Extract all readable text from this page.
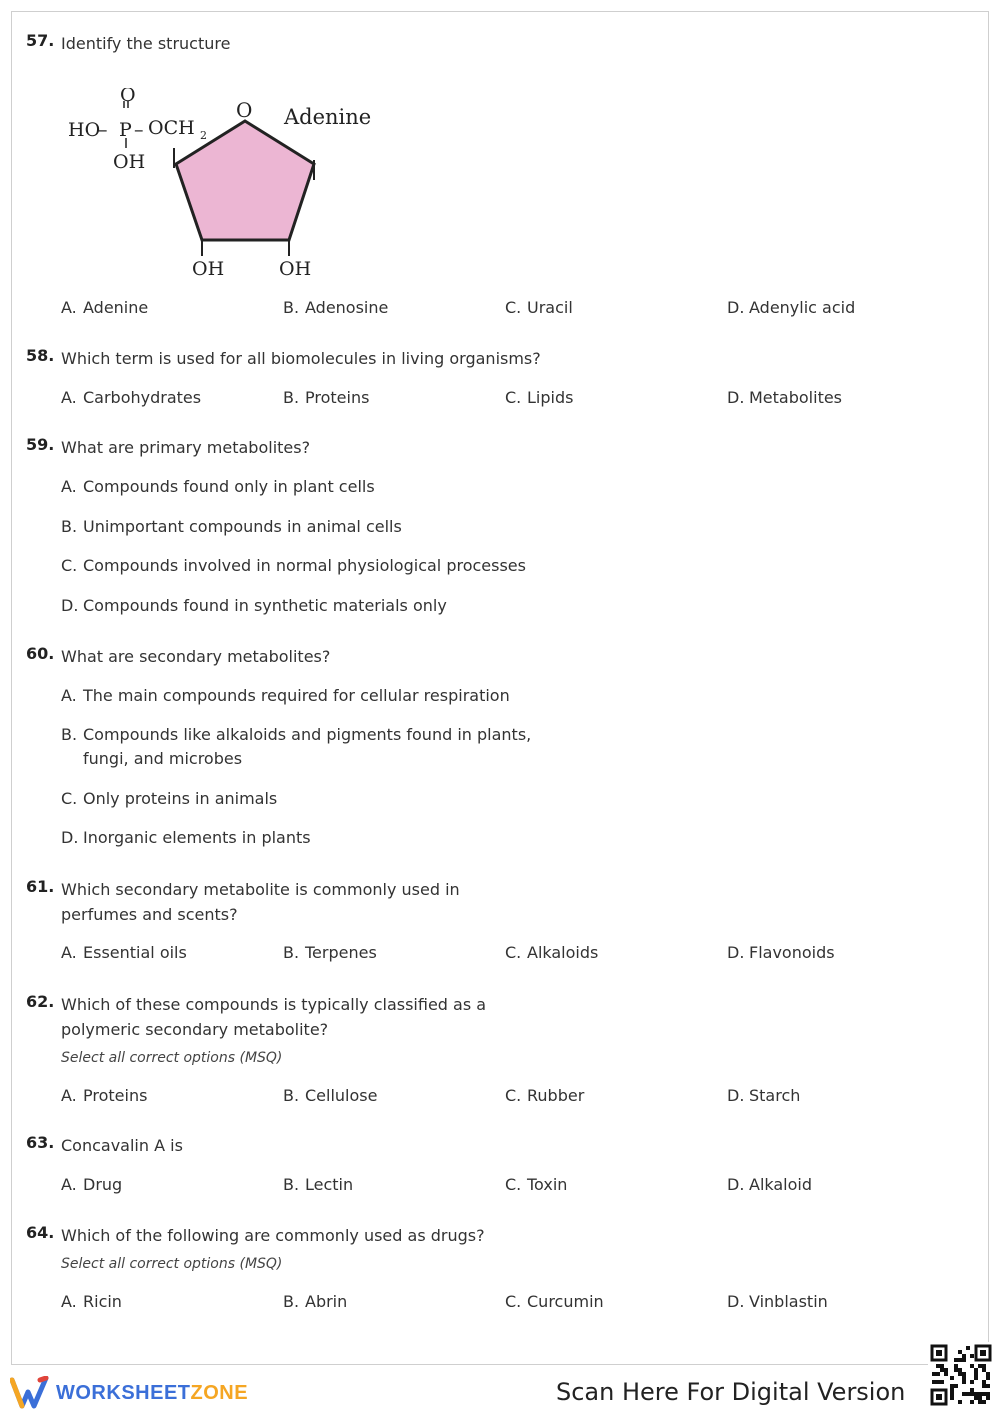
57. Identify the structure
O
HO
– P – OCH 2
OH
O Adenine
OH	OH
A. Adenine	B. Adenosine	C. Uracil	D. Adenylic acid
58. Which term is used for all biomolecules in living organisms?
A. Carbohydrates	B. Proteins	C. Lipids	D. Metabolites
59. What are primary metabolites?
A. Compounds found only in plant cells
B. Unimportant compounds in animal cells
C. Compounds involved in normal physiological processes
D. Compounds found in synthetic materials only
60. What are secondary metabolites?
A. The main compounds required for cellular respiration
B. Compounds like alkaloids and pigments found in plants,
fungi, and microbes
C. Only proteins in animals
D. Inorganic elements in plants
61. Which secondary metabolite is commonly used in
perfumes and scents?
A. Essential oils	B. Terpenes	C. Alkaloids	D. Flavonoids
62. Which of these compounds is typically classified as a
polymeric secondary metabolite?
Select all correct options (MSQ)
A. Proteins	B. Cellulose	C. Rubber	D. Starch
63. Concavalin A is
A. Drug	B. Lectin	C. Toxin	D. Alkaloid
64. Which of the following are commonly used as drugs?
Select all correct options (MSQ)
A. Ricin	B. Abrin	C. Curcumin	D. Vinblastin
WORKSHEETZONE	Scan Here For Digital Version
